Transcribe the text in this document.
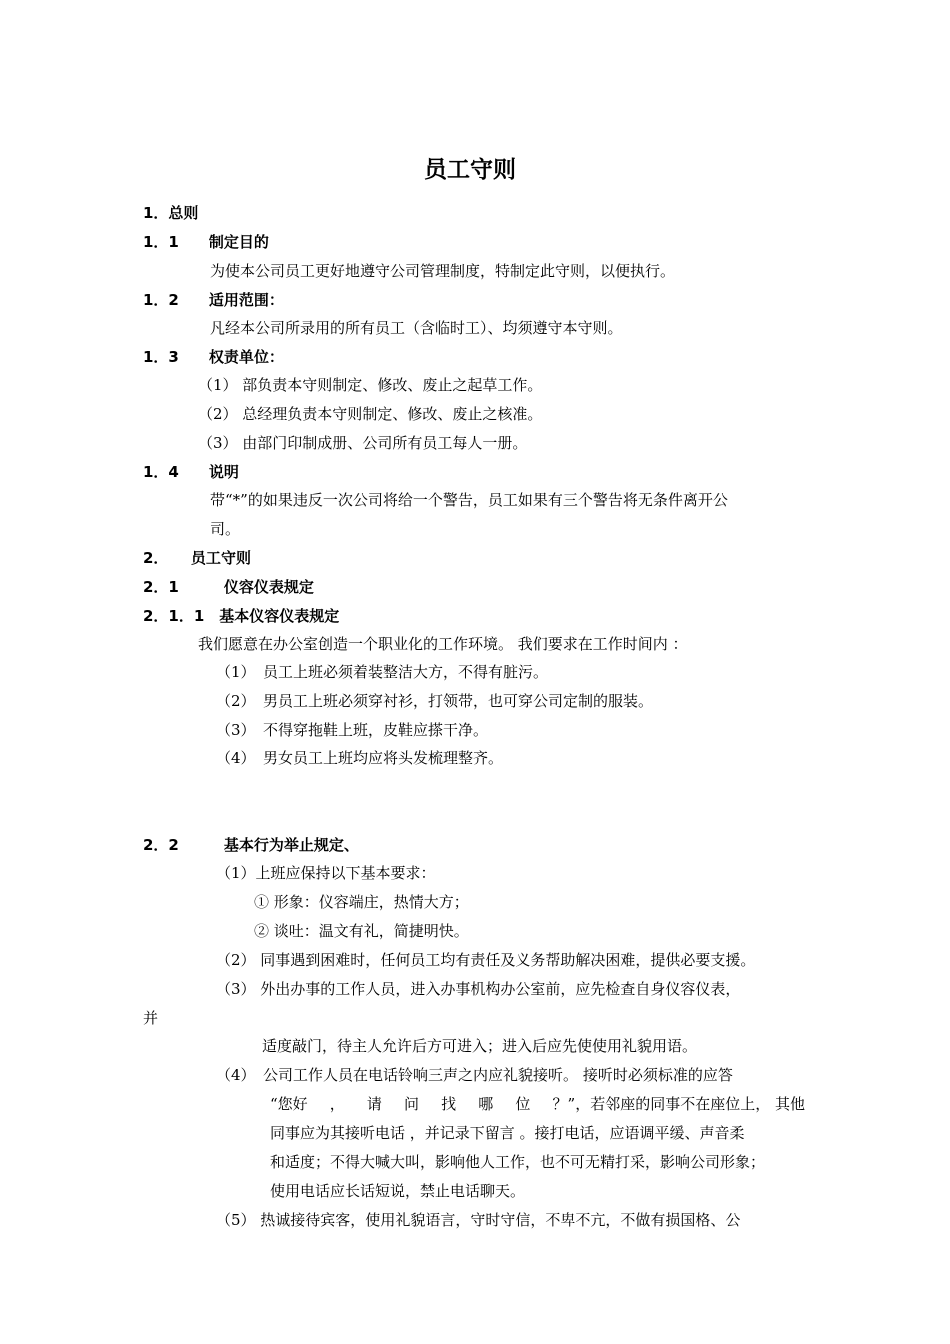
员工守则
1．总则
1．1　　制定目的
为使本公司员工更好地遵守公司管理制度，特制定此守则，以便执行。
1．2　　适用范围：
凡经本公司所录用的所有员工（含临时工）、均须遵守本守则。
1．3　　权责单位：
（1） 部负责本守则制定、修改、废止之起草工作。
（2） 总经理负责本守则制定、修改、废止之核准。
（3） 由部门印制成册、公司所有员工每人一册。
1．4　　说明
带“*”的如果违反一次公司将给一个警告，员工如果有三个警告将无条件离开公
司。
2．　　员工守则
2．1　　　仪容仪表规定
2．1．1　基本仪容仪表规定
我们愿意在办公室创造一个职业化的工作环境。 我们要求在工作时间内 ：
（1）　员工上班必须着装整洁大方，不得有脏污。
（2）　男员工上班必须穿衬衫，打领带，也可穿公司定制的服装。
（3）　不得穿拖鞋上班，皮鞋应搽干净。
（4）　男女员工上班均应将头发梳理整齐。
2．2　　　基本行为举止规定、
（1）上班应保持以下基本要求：
① 形象：仪容端庄，热情大方；
② 谈吐：温文有礼，简捷明快。
（2） 同事遇到困难时，任何员工均有责任及义务帮助解决困难，提供必要支援。
（3） 外出办事的工作人员，进入办事机构办公室前，应先检查自身仪容仪表，
并
适度敲门，待主人允许后方可进入；进入后应先使使用礼貌用语。
（4）　公司工作人员在电话铃响三声之内应礼貌接听。 接听时必须标准的应答
“您好 ， 请 问 找 哪 位 ？”，若邻座的同事不在座位上， 其他
同事应为其接听电话 ，并记录下留言 。接打电话，应语调平缓、声音柔
和适度；不得大喊大叫，影响他人工作，也不可无精打采，影响公司形象；
使用电话应长话短说，禁止电话聊天。
（5） 热诚接待宾客，使用礼貌语言，守时守信，不卑不亢，不做有损国格、公
